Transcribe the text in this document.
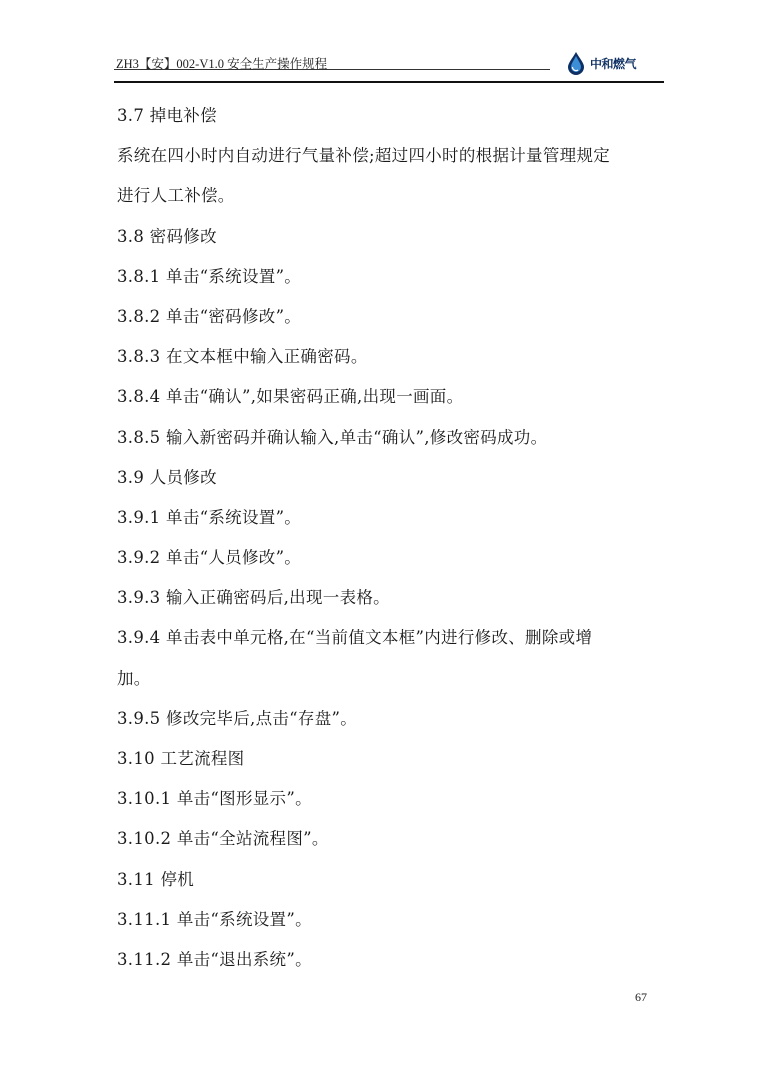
ZH3【安】002-V1.0 安全生产操作规程	中和燃气
3.7 掉电补偿
系统在四小时内自动进行气量补偿;超过四小时的根据计量管理规定
进行人工补偿。
3.8 密码修改
3.8.1 单击“系统设置”。
3.8.2 单击“密码修改”。
3.8.3 在文本框中输入正确密码。
3.8.4 单击“确认”,如果密码正确,出现一画面。
3.8.5 输入新密码并确认输入,单击“确认”,修改密码成功。
3.9 人员修改
3.9.1 单击“系统设置”。
3.9.2 单击“人员修改”。
3.9.3 输入正确密码后,出现一表格。
3.9.4 单击表中单元格,在“当前值文本框”内进行修改、删除或增
加。
3.9.5 修改完毕后,点击“存盘”。
3.10 工艺流程图
3.10.1 单击“图形显示”。
3.10.2 单击“全站流程图”。
3.11 停机
3.11.1 单击“系统设置”。
3.11.2 单击“退出系统”。
67
